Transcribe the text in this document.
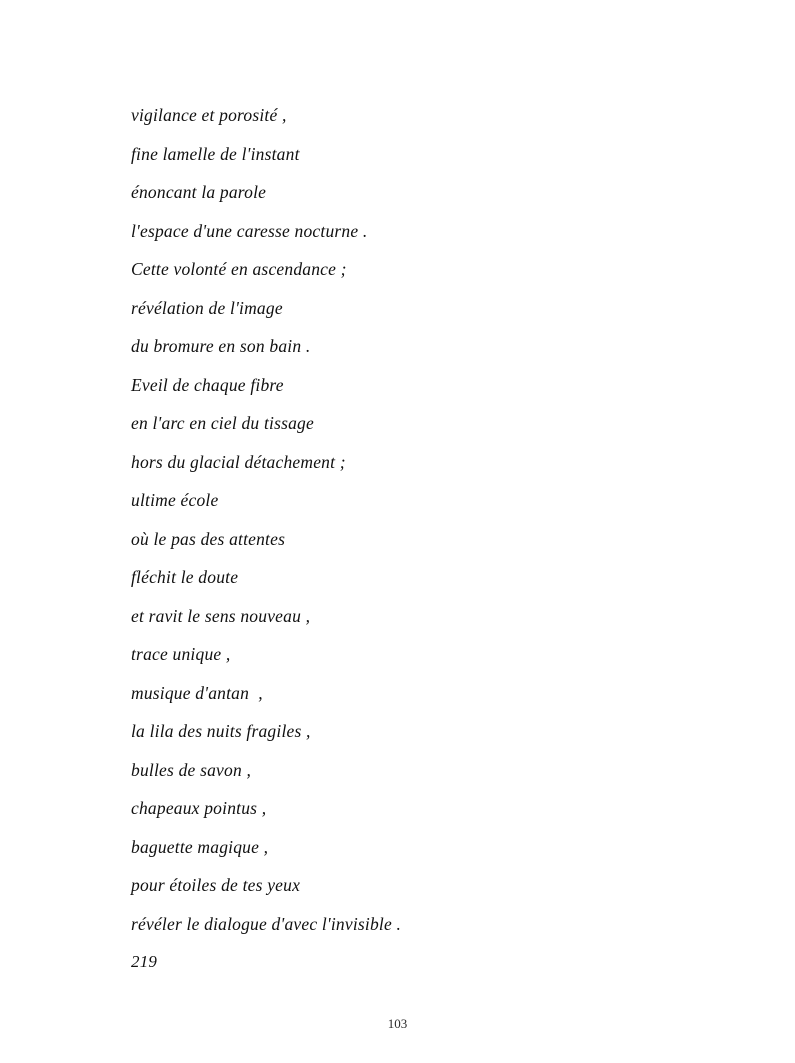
vigilance et porosité ,
fine lamelle de l'instant
énoncant la parole
l'espace d'une caresse nocturne .
Cette volonté en ascendance ;
révélation de l'image
du bromure en son bain .
Eveil de chaque fibre
en l'arc en ciel du tissage
hors du glacial détachement ;
ultime école
où le pas des attentes
fléchit le doute
et ravit le sens nouveau ,
trace unique ,
musique d'antan  ,
la lila des nuits fragiles ,
bulles de savon ,
chapeaux pointus ,
baguette magique ,
pour étoiles de tes yeux
révéler le dialogue d'avec l'invisible .
219
103
